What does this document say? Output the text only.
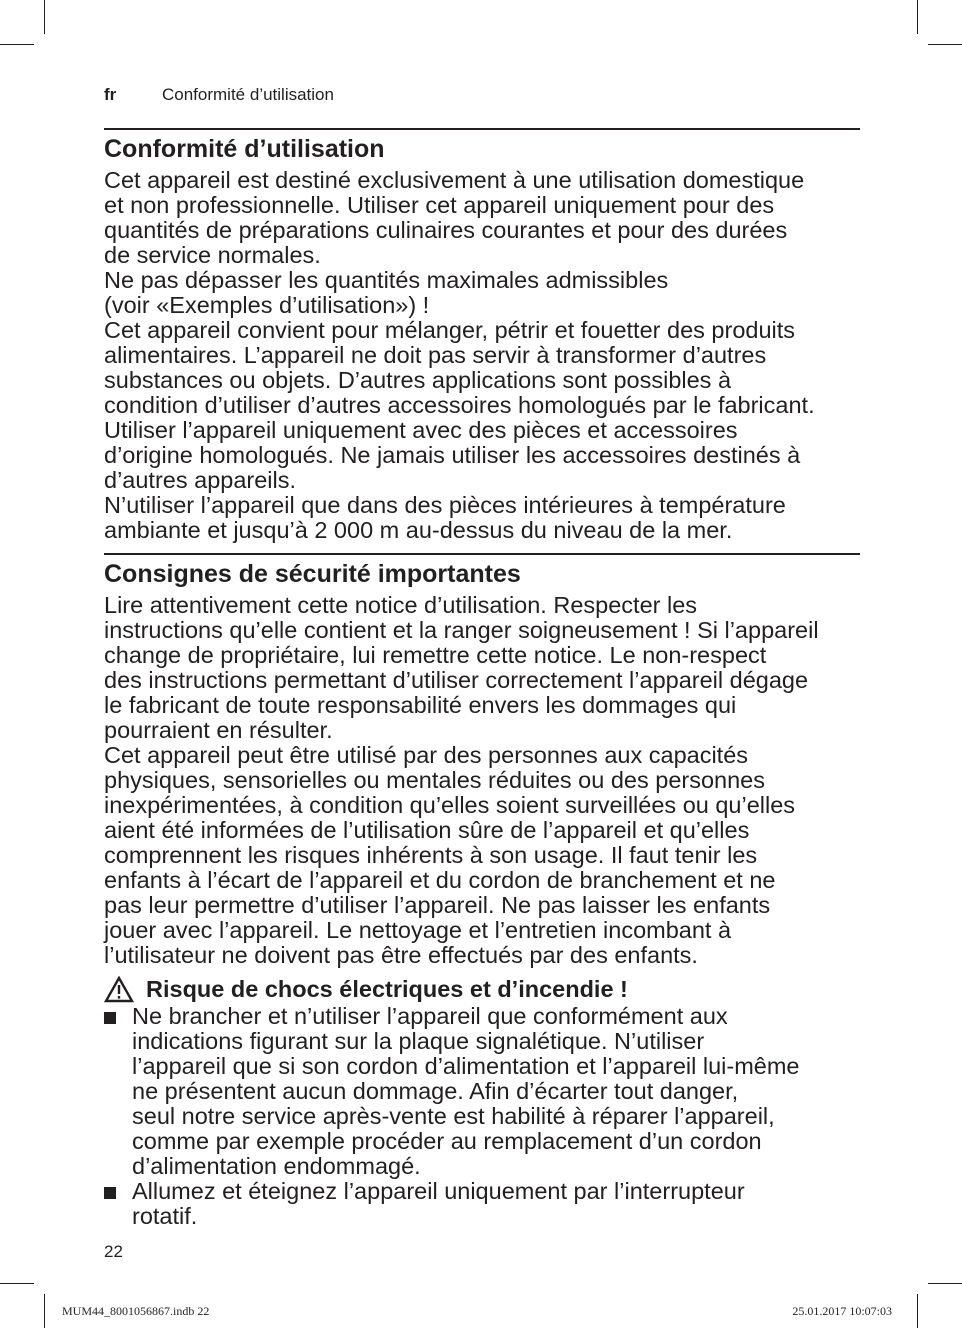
fr	Conformité d’utilisation
Conformité d’utilisation

Cet appareil est destiné exclusivement à une utilisation domestique
et non professionnelle. Utiliser cet appareil uniquement pour des
quantités de préparations culinaires courantes et pour des durées
de service normales.
Ne pas dépasser les quantités maximales admissibles
(voir «Exemples d’utilisation») !
Cet appareil convient pour mélanger, pétrir et fouetter des produits
alimentaires. L’appareil ne doit pas servir à transformer d’autres
substances ou objets. D’autres applications sont possibles à
condition d’utiliser d’autres accessoires homologués par le fabricant.
Utiliser l’appareil uniquement avec des pièces et accessoires
d’origine homologués. Ne jamais utiliser les accessoires destinés à
d’autres appareils.
N’utiliser l’appareil que dans des pièces intérieures à température
ambiante et jusqu’à 2 000 m au-dessus du niveau de la mer.

Consignes de sécurité importantes

Lire attentivement cette notice d’utilisation. Respecter les
instructions qu’elle contient et la ranger soigneusement ! Si l’appareil
change de propriétaire, lui remettre cette notice. Le non-respect
des instructions permettant d’utiliser correctement l’appareil dégage
le fabricant de toute responsabilité envers les dommages qui
pourraient en résulter.
Cet appareil peut être utilisé par des personnes aux capacités
physiques, sensorielles ou mentales réduites ou des personnes
inexpérimentées, à condition qu’elles soient surveillées ou qu’elles
aient été informées de l’utilisation sûre de l’appareil et qu’elles
comprennent les risques inhérents à son usage. Il faut tenir les
enfants à l’écart de l’appareil et du cordon de branchement et ne
pas leur permettre d’utiliser l’appareil. Ne pas laisser les enfants
jouer avec l’appareil. Le nettoyage et l’entretien incombant à
l’utilisateur ne doivent pas être effectués par des enfants.

Risque de chocs électriques et d’incendie !
Ne brancher et n’utiliser l’appareil que conformément aux
indications figurant sur la plaque signalétique. N’utiliser
l’appareil que si son cordon d’alimentation et l’appareil lui-même
ne présentent aucun dommage. Afin d’écarter tout danger,
seul notre service après-vente est habilité à réparer l’appareil,
comme par exemple procéder au remplacement d’un cordon
d’alimentation endommagé.
Allumez et éteignez l’appareil uniquement par l’interrupteur
rotatif.
22
MUM44_8001056867.indb 22	25.01.2017 10:07:03
